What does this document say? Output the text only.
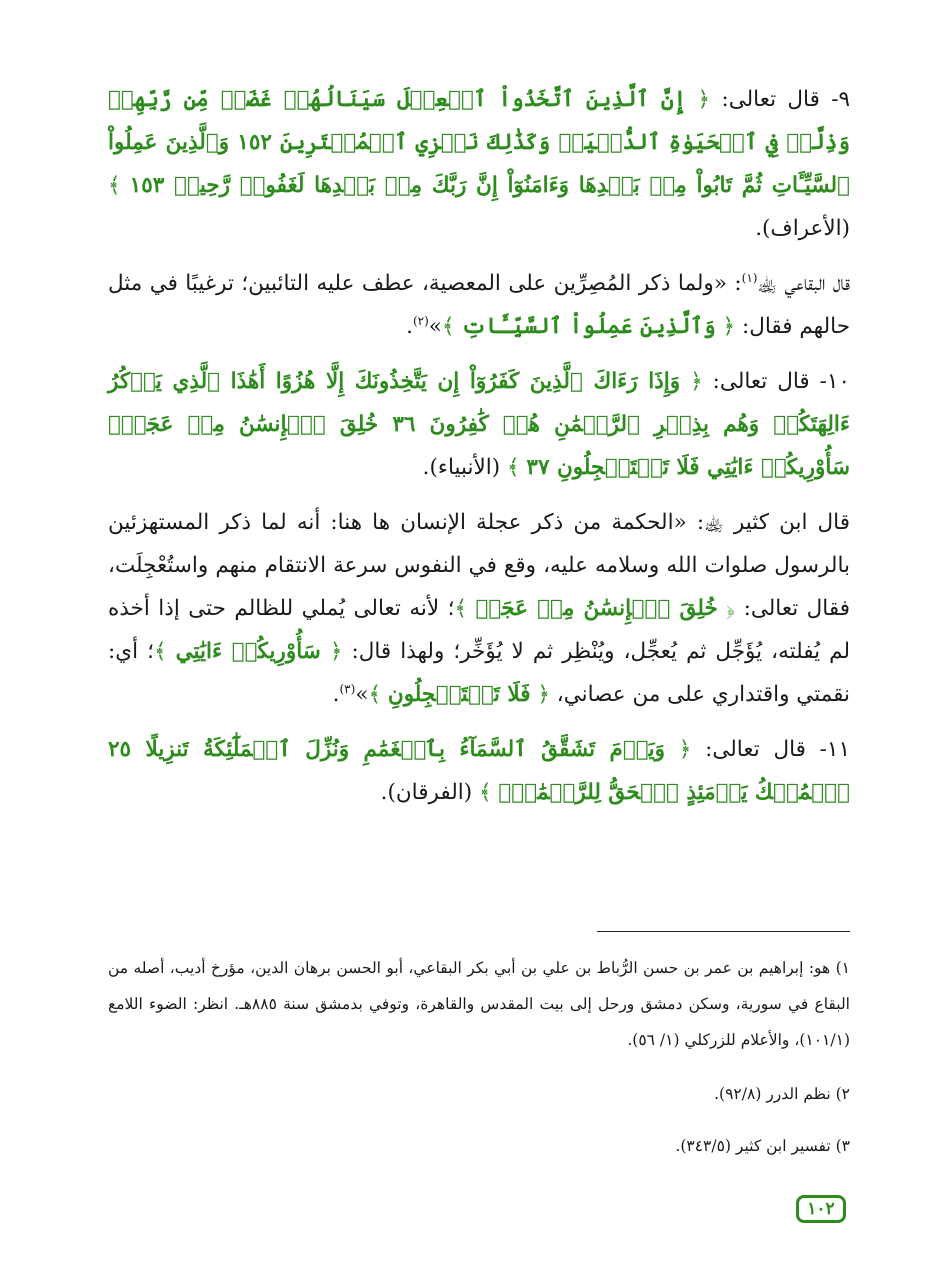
٩- قال تعالى: ﴿ إِنَّ ٱلَّذِينَ ٱتَّخَذُواْ ٱلۡعِجۡلَ سَيَنَالُهُمۡ غَضَبٞ مِّن رَّبِّهِمۡ وَذِلَّةٞ فِي ٱلۡحَيَوٰةِ ٱلدُّنۡيَاۚ وَكَذَٰلِكَ نَجۡزِي ٱلۡمُفۡتَرِينَ ١٥٢ وَٱلَّذِينَ عَمِلُواْ ٱلسَّيِّـَٔاتِ ثُمَّ تَابُواْ مِنۢ بَعۡدِهَا وَءَامَنُوٓاْ إِنَّ رَبَّكَ مِنۢ بَعۡدِهَا لَغَفُورٞ رَّحِيمٞ ١٥٣ ﴾ (الأعراف).

قال البقاعي ﵀$^{(١)}$: «ولما ذكر المُصِرِّين على المعصية، عطف عليه التائبين؛ ترغيبًا في مثل حالهم فقال: ﴿ وَٱلَّذِينَ عَمِلُواْ ٱلسَّيِّـَٔاتِ ﴾»$^{(٢)}$.

١٠- قال تعالى: ﴿ وَإِذَا رَءَاكَ ٱلَّذِينَ كَفَرُوٓاْ إِن يَتَّخِذُونَكَ إِلَّا هُزُوًا أَهَٰذَا ٱلَّذِي يَذۡكُرُ ءَالِهَتَكُمۡ وَهُم بِذِكۡرِ ٱلرَّحۡمَٰنِ هُمۡ كَٰفِرُونَ ٣٦ خُلِقَ ٱلۡإِنسَٰنُ مِنۡ عَجَلٖۚ سَأُوْرِيكُمۡ ءَايَٰتِي فَلَا تَسۡتَعۡجِلُونِ ٣٧ ﴾ (الأنبياء).

قال ابن كثير ﵀: «الحكمة من ذكر عجلة الإنسان ها هنا: أنه لما ذكر المستهزئين بالرسول صلوات الله وسلامه عليه، وقع في النفوس سرعة الانتقام منهم واستُعْجِلَت، فقال تعالى: ﴿ خُلِقَ ٱلۡإِنسَٰنُ مِنۡ عَجَلٖ ﴾؛ لأنه تعالى يُملي للظالم حتى إذا أخذه لم يُفلته، يُؤَجِّل ثم يُعجِّل، ويُنْظِر ثم لا يُؤَخِّر؛ ولهذا قال: ﴿ سَأُوْرِيكُمۡ ءَايَٰتِي ﴾؛ أي: نقمتي واقتداري على من عصاني، ﴿ فَلَا تَسۡتَعۡجِلُونِ ﴾»$^{(٣)}$.

١١- قال تعالى: ﴿ وَيَوۡمَ تَشَقَّقُ ٱلسَّمَآءُ بِٱلۡغَمَٰمِ وَنُزِّلَ ٱلۡمَلَٰٓئِكَةُ تَنزِيلًا ٢٥ ٱلۡمُلۡكُ يَوۡمَئِذٍ ٱلۡحَقُّ لِلرَّحۡمَٰنِۚ ﴾ (الفرقان).

١) هو: إبراهيم بن عمر بن حسن الرُّباط بن علي بن أبي بكر البقاعي، أبو الحسن برهان الدين، مؤرخ أديب، أصله من البقاع في سورية، وسكن دمشق ورحل إلى بيت المقدس والقاهرة، وتوفي بدمشق سنة ٨٨٥هـ. انظر: الضوء اللامع (١٠١/١)، والأعلام للزركلي (١/ ٥٦).

٢) نظم الدرر (٩٢/٨).

٣) تفسير ابن كثير (٣٤٣/٥).

١٠٢
